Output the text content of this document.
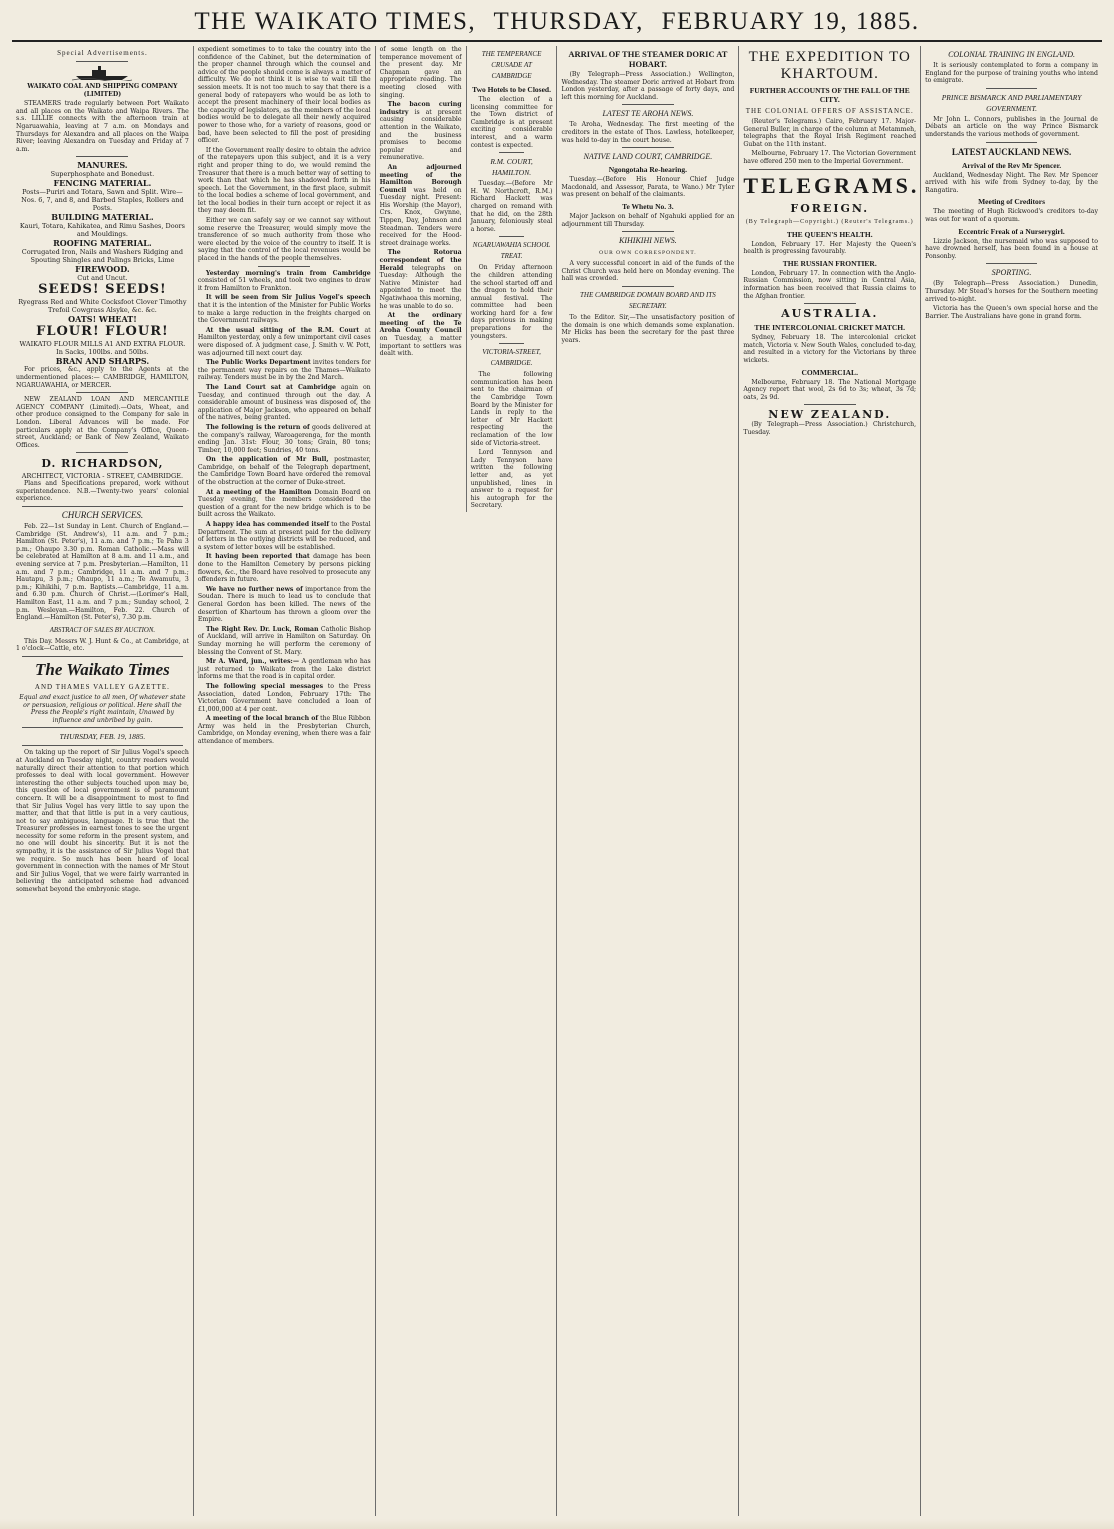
THE WAIKATO TIMES, THURSDAY, FEBRUARY 19, 1885.
Special Advertisements.

WAIKATO COAL AND SHIPPING COMPANY (LIMITED)

STEAMERS trade regularly between Port Waikato and all places on the Waikato and Waipa Rivers. The s.s. LILLIE connects with the afternoon train at Ngaruawahia, leaving at 7 a.m. on Mondays and Thursdays for Alexandra and all places on the Waipa River; leaving Alexandra on Tuesday and Friday at 7 a.m.

MANURES.
Superphosphate and Bonedust.
FENCING MATERIAL.
Posts—Puriri and Totara, Sawn and Split. Wire—Nos. 6, 7, and 8, and Barbed Staples, Rollers and Posts.
BUILDING MATERIAL.
Kauri, Totara, Kahikatea, and Rimu Sashes, Doors and Mouldings.
ROOFING MATERIAL.
Corrugated Iron, Nails and Washers Ridging and Spouting Shingles and Palings Bricks, Lime
FIREWOOD.
Cut and Uncut.
SEEDS! SEEDS!
Ryegrass Red and White Cocksfoot Clover Timothy Trefoil Cowgrass Alsyke, &c. &c.
OATS! WHEAT!
FLOUR! FLOUR!
WAIKATO FLOUR MILLS A1 AND EXTRA FLOUR. In Sacks, 100lbs. and 50lbs.
BRAN AND SHARPS.

For prices, &c., apply to the Agents at the undermentioned places:— CAMBRIDGE, HAMILTON, NGARUAWAHIA, or MERCER.

NEW ZEALAND LOAN AND MERCANTILE AGENCY COMPANY (Limited).—Oats, Wheat, and other produce consigned to the Company for sale in London. Liberal Advances will be made. For particulars apply at the Company's Office, Queen-street, Auckland; or Bank of New Zealand, Waikato Offices.

D. RICHARDSON,
ARCHITECT, VICTORIA - STREET, CAMBRIDGE.

Plans and Specifications prepared, work without superintendence. N.B.—Twenty-two years' colonial experience.

CHURCH SERVICES.

Feb. 22—1st Sunday in Lent. Church of England.—Cambridge (St. Andrew's), 11 a.m. and 7 p.m.; Hamilton (St. Peter's), 11 a.m. and 7 p.m.; Te Pahu 3 p.m.; Ohaupo 3.30 p.m. Roman Catholic.—Mass will be celebrated at Hamilton at 8 a.m. and 11 a.m., and evening service at 7 p.m. Presbyterian.—Hamilton, 11 a.m. and 7 p.m.; Cambridge, 11 a.m. and 7 p.m.; Hautapu, 3 p.m.; Ohaupo, 11 a.m.; Te Awamutu, 3 p.m.; Kihikihi, 7 p.m. Baptists.—Cambridge, 11 a.m. and 6.30 p.m. Church of Christ.—(Lorimer's Hall, Hamilton East, 11 a.m. and 7 p.m.; Sunday school, 2 p.m. Wesleyan.—Hamilton, Feb. 22. Church of England.—Hamilton (St. Peter's), 7.30 p.m.

ABSTRACT OF SALES BY AUCTION.

This Day. Messrs W. J. Hunt & Co., at Cambridge, at 1 o'clock—Cattle, etc.

The Waikato Times
AND THAMES VALLEY GAZETTE.

Equal and exact justice to all men, Of whatever state or persuasion, religious or political. Here shall the Press the People's right maintain, Unawed by influence and unbribed by gain.

THURSDAY, FEB. 19, 1885.

On taking up the report of Sir Julius Vogel's speech at Auckland on Tuesday night, country readers would naturally direct their attention to that portion which professes to deal with local government. However interesting the other subjects touched upon may be, this question of local government is of paramount concern. It will be a disappointment to most to find that Sir Julius Vogel has very little to say upon the matter, and that that little is put in a very cautious, not to say ambiguous, language. It is true that the Treasurer professes in earnest tones to see the urgent necessity for some reform in the present system, and no one will doubt his sincerity. But it is not the sympathy, it is the assistance of Sir Julius Vogel that we require. So much has been heard of local government in connection with the names of Mr Stout and Sir Julius Vogel, that we were fairly warranted in believing the anticipated scheme had advanced somewhat beyond the embryonic stage.

expedient sometimes to to take the country into the confidence of the Cabinet, but the determination of the proper channel through which the counsel and advice of the people should come is always a matter of difficulty. We do not think it is wise to wait till the session meets. It is not too much to say that there is a general body of ratepayers who would be as loth to accept the present machinery of their local bodies as the capacity of legislators, as the members of the local bodies would be to delegate all their newly acquired power to those who, for a variety of reasons, good or bad, have been selected to fill the post of presiding officer.

If the Government really desire to obtain the advice of the ratepayers upon this subject, and it is a very right and proper thing to do, we would remind the Treasurer that there is a much better way of setting to work than that which he has shadowed forth in his speech. Let the Government, in the first place, submit to the local bodies a scheme of local government, and let the local bodies in their turn accept or reject it as they may deem fit.

Either we can safely say or we cannot say without some reserve the Treasurer, would simply move the transference of so much authority from those who were elected by the voice of the country to itself. It is saying that the control of the local revenues would be placed in the hands of the people themselves.

Yesterday morning's train from Cambridge consisted of 51 wheels, and took two engines to draw it from Hamilton to Frankton.

It will be seen from Sir Julius Vogel's speech that it is the intention of the Minister for Public Works to make a large reduction in the freights charged on the Government railways.

At the usual sitting of the R.M. Court at Hamilton yesterday, only a few unimportant civil cases were disposed of. A judgment case, J. Smith v. W. Pott, was adjourned till next court day.

The Public Works Department invites tenders for the permanent way repairs on the Thames—Waikato railway. Tenders must be in by the 2nd March.

The Land Court sat at Cambridge again on Tuesday, and continued through out the day. A considerable amount of business was disposed of, the application of Major Jackson, who appeared on behalf of the natives, being granted.

The following is the return of goods delivered at the company's railway, Waroagerenga, for the month ending Jan. 31st: Flour, 30 tons; Grain, 80 tons; Timber, 10,000 feet; Sundries, 40 tons.

On the application of Mr Bull, postmaster, Cambridge, on behalf of the Telegraph department, the Cambridge Town Board have ordered the removal of the obstruction at the corner of Duke-street.

At a meeting of the Hamilton Domain Board on Tuesday evening, the members considered the question of a grant for the new bridge which is to be built across the Waikato.

A happy idea has commended itself to the Postal Department. The sum at present paid for the delivery of letters in the outlying districts will be reduced, and a system of letter boxes will be established.

It having been reported that damage has been done to the Hamilton Cemetery by persons picking flowers, &c., the Board have resolved to prosecute any offenders in future.

We have no further news of importance from the Soudan. There is much to lead us to conclude that General Gordon has been killed. The news of the desertion of Khartoum has thrown a gloom over the Empire.

The Right Rev. Dr. Luck, Roman Catholic Bishop of Auckland, will arrive in Hamilton on Saturday. On Sunday morning he will perform the ceremony of blessing the Convent of St. Mary.

Mr A. Ward, jun., writes:— A gentleman who has just returned to Waikato from the Lake district informs me that the road is in capital order.

The following special messages to the Press Association, dated London, February 17th: The Victorian Government have concluded a loan of £1,000,000 at 4 per cent.

A meeting of the local branch of the Blue Ribbon Army was held in the Presbyterian Church, Cambridge, on Monday evening, when there was a fair attendance of members.

of some length on the temperance movement of the present day. Mr Chapman gave an appropriate reading. The meeting closed with singing.

The bacon curing industry is at present causing considerable attention in the Waikato, and the business promises to become popular and remunerative.

An adjourned meeting of the Hamilton Borough Council was held on Tuesday night. Present: His Worship (the Mayor), Crs. Knox, Gwynne, Tippen, Day, Johnson and Steadman. Tenders were received for the Hood-street drainage works.

The Rotorua correspondent of the Herald telegraphs on Tuesday: Although the Native Minister had appointed to meet the Ngatiwhaoa this morning, he was unable to do so.

At the ordinary meeting of the Te Aroha County Council on Tuesday, a matter important to settlers was dealt with.

THE TEMPERANCE CRUSADE AT CAMBRIDGE
Two Hotels to be Closed.

The election of a licensing committee for the Town district of Cambridge is at present exciting considerable interest, and a warm contest is expected.

R.M. COURT, HAMILTON.

Tuesday.—(Before Mr H. W. Northcroft, R.M.) Richard Hackett was charged on remand with that he did, on the 28th January, feloniously steal a horse.

NGARUAWAHIA SCHOOL TREAT.

On Friday afternoon the children attending the school started off and the dragon to hold their annual festival. The committee had been working hard for a few days previous in making preparations for the youngsters.

VICTORIA-STREET, CAMBRIDGE.

The following communication has been sent to the chairman of the Cambridge Town Board by the Minister for Lands in reply to the letter of Mr Hackett respecting the reclamation of the low side of Victoria-street.

Lord Tennyson and Lady Tennyson have written the following letter and, as yet unpublished, lines in answer to a request for his autograph for the Secretary.

ARRIVAL OF THE STEAMER DORIC AT HOBART.

(By Telegraph—Press Association.) Wellington, Wednesday. The steamer Doric arrived at Hobart from London yesterday, after a passage of forty days, and left this morning for Auckland.

LATEST TE AROHA NEWS.

Te Aroha, Wednesday. The first meeting of the creditors in the estate of Thos. Lawless, hotelkeeper, was held to-day in the court house.

NATIVE LAND COURT, CAMBRIDGE.
Ngongotaha Re-hearing.

Tuesday.—(Before His Honour Chief Judge Macdonald, and Assessor, Parata, te Wano.) Mr Tyler was present on behalf of the claimants.

Te Whetu No. 3.

Major Jackson on behalf of Ngahuki applied for an adjournment till Thursday.

KIHIKIHI NEWS.
OUR OWN CORRESPONDENT.

A very successful concert in aid of the funds of the Christ Church was held here on Monday evening. The hall was crowded.

THE CAMBRIDGE DOMAIN BOARD AND ITS SECRETARY.

To the Editor. Sir,—The unsatisfactory position of the domain is one which demands some explanation. Mr Hicks has been the secretary for the past three years.

THE EXPEDITION TO KHARTOUM.
FURTHER ACCOUNTS OF THE FALL OF THE CITY.
THE COLONIAL OFFERS OF ASSISTANCE.

(Reuter's Telegrams.) Cairo, February 17. Major-General Buller, in charge of the column at Metammeh, telegraphs that the Royal Irish Regiment reached Gubat on the 11th instant.

Melbourne, February 17. The Victorian Government have offered 250 men to the Imperial Government.

TELEGRAMS.
FOREIGN.
(By Telegraph—Copyright.) (Reuter's Telegrams.)
THE QUEEN'S HEALTH.

London, February 17. Her Majesty the Queen's health is progressing favourably.

THE RUSSIAN FRONTIER.

London, February 17. In connection with the Anglo-Russian Commission, now sitting in Central Asia, information has been received that Russia claims to the Afghan frontier.

AUSTRALIA.
THE INTERCOLONIAL CRICKET MATCH.

Sydney, February 18. The intercolonial cricket match, Victoria v. New South Wales, concluded to-day, and resulted in a victory for the Victorians by three wickets.

COMMERCIAL.

Melbourne, February 18. The National Mortgage Agency report that wool, 2s 6d to 3s; wheat, 3s 7d; oats, 2s 9d.

NEW ZEALAND.

(By Telegraph—Press Association.) Christchurch, Tuesday.

COLONIAL TRAINING IN ENGLAND.

It is seriously contemplated to form a company in England for the purpose of training youths who intend to emigrate.

PRINCE BISMARCK AND PARLIAMENTARY GOVERNMENT.

Mr John L. Connors, publishes in the Journal de Débats an article on the way Prince Bismarck understands the various methods of government.

LATEST AUCKLAND NEWS.
Arrival of the Rev Mr Spencer.

Auckland, Wednesday Night. The Rev. Mr Spencer arrived with his wife from Sydney to-day, by the Rangatira.

Meeting of Creditors

The meeting of Hugh Rickwood's creditors to-day was out for want of a quorum.

Eccentric Freak of a Nurserygirl.

Lizzie Jackson, the nursemaid who was supposed to have drowned herself, has been found in a house at Ponsonby.

SPORTING.

(By Telegraph—Press Association.) Dunedin, Thursday. Mr Stead's horses for the Southern meeting arrived to-night.

Victoria has the Queen's own special horse and the Barrier. The Australians have gone in grand form.
